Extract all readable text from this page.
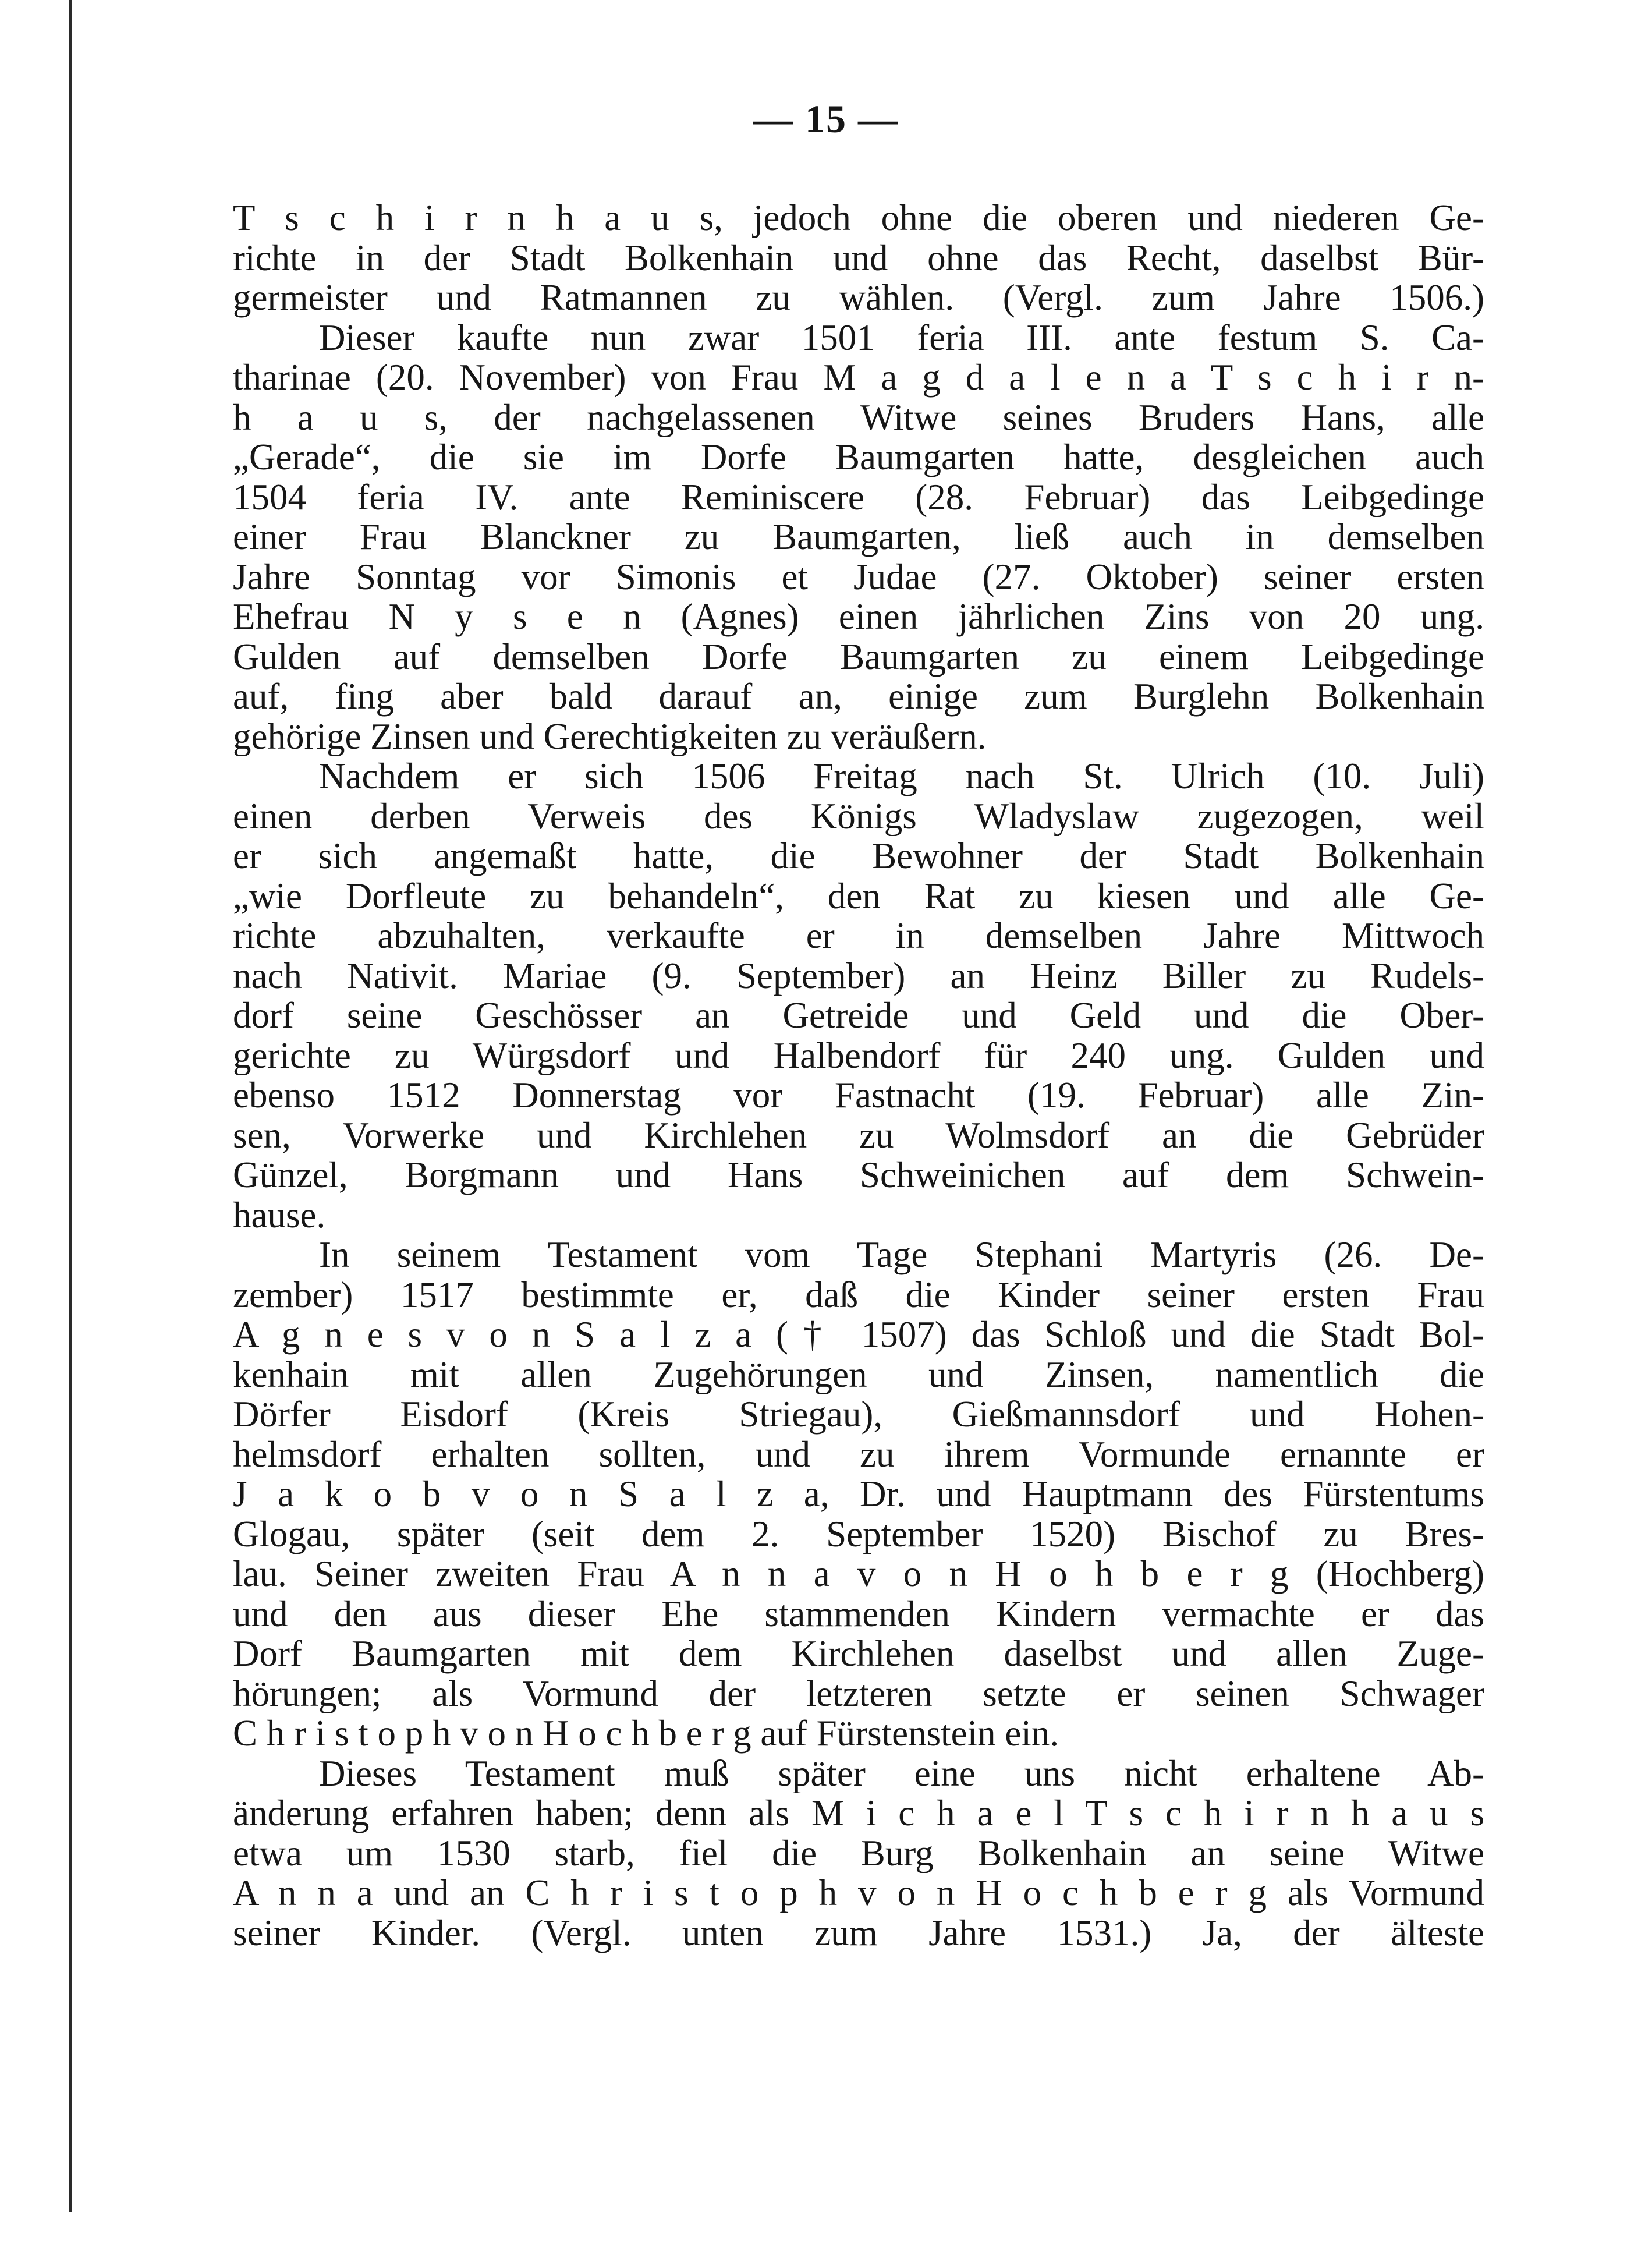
— 15 —
T s c h i r n h a u s, jedoch ohne die oberen und niederen Ge-
richte in der Stadt Bolkenhain und ohne das Recht, daselbst Bür-
germeister und Ratmannen zu wählen. (Vergl. zum Jahre 1506.)
Dieser kaufte nun zwar 1501 feria III. ante festum S. Ca-
tharinae (20. November) von Frau M a g d a l e n a T s c h i r n-
h a u s, der nachgelassenen Witwe seines Bruders Hans, alle
„Gerade“, die sie im Dorfe Baumgarten hatte, desgleichen auch
1504 feria IV. ante Reminiscere (28. Februar) das Leibgedinge
einer Frau Blanckner zu Baumgarten, ließ auch in demselben
Jahre Sonntag vor Simonis et Judae (27. Oktober) seiner ersten
Ehefrau N y s e n (Agnes) einen jährlichen Zins von 20 ung.
Gulden auf demselben Dorfe Baumgarten zu einem Leibgedinge
auf, fing aber bald darauf an, einige zum Burglehn Bolkenhain
gehörige Zinsen und Gerechtigkeiten zu veräußern.
Nachdem er sich 1506 Freitag nach St. Ulrich (10. Juli)
einen derben Verweis des Königs Wladyslaw zugezogen, weil
er sich angemaßt hatte, die Bewohner der Stadt Bolkenhain
„wie Dorfleute zu behandeln“, den Rat zu kiesen und alle Ge-
richte abzuhalten, verkaufte er in demselben Jahre Mittwoch
nach Nativit. Mariae (9. September) an Heinz Biller zu Rudels-
dorf seine Geschösser an Getreide und Geld und die Ober-
gerichte zu Würgsdorf und Halbendorf für 240 ung. Gulden und
ebenso 1512 Donnerstag vor Fastnacht (19. Februar) alle Zin-
sen, Vorwerke und Kirchlehen zu Wolmsdorf an die Gebrüder
Günzel, Borgmann und Hans Schweinichen auf dem Schwein-
hause.
In seinem Testament vom Tage Stephani Martyris (26. De-
zember) 1517 bestimmte er, daß die Kinder seiner ersten Frau
A g n e s v o n S a l z a († 1507) das Schloß und die Stadt Bol-
kenhain mit allen Zugehörungen und Zinsen, namentlich die
Dörfer Eisdorf (Kreis Striegau), Gießmannsdorf und Hohen-
helmsdorf erhalten sollten, und zu ihrem Vormunde ernannte er
J a k o b v o n S a l z a, Dr. und Hauptmann des Fürstentums
Glogau, später (seit dem 2. September 1520) Bischof zu Bres-
lau. Seiner zweiten Frau A n n a v o n H o h b e r g (Hochberg)
und den aus dieser Ehe stammenden Kindern vermachte er das
Dorf Baumgarten mit dem Kirchlehen daselbst und allen Zuge-
hörungen; als Vormund der letzteren setzte er seinen Schwager
C h r i s t o p h v o n H o c h b e r g auf Fürstenstein ein.
Dieses Testament muß später eine uns nicht erhaltene Ab-
änderung erfahren haben; denn als M i c h a e l T s c h i r n h a u s
etwa um 1530 starb, fiel die Burg Bolkenhain an seine Witwe
A n n a und an C h r i s t o p h v o n H o c h b e r g als Vormund
seiner Kinder. (Vergl. unten zum Jahre 1531.) Ja, der älteste
